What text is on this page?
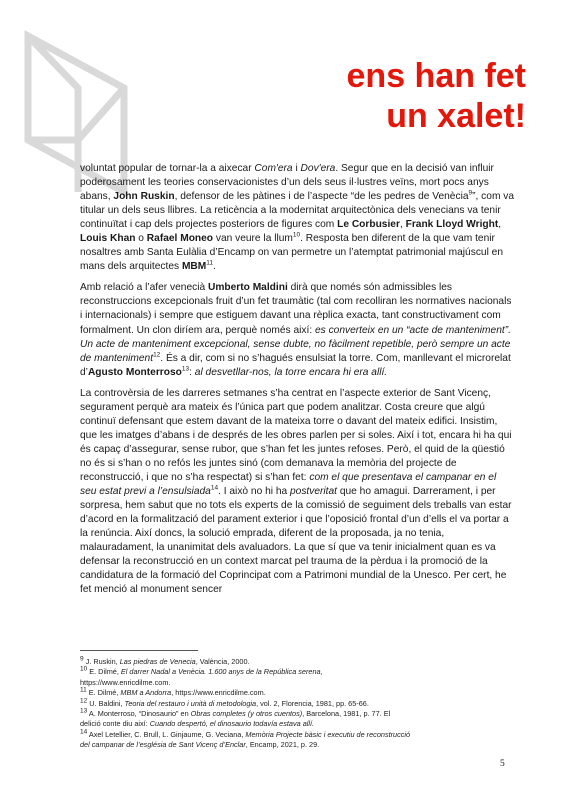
ens han fet
un xalet!

voluntat popular de tornar-la a aixecar Com'era i Dov'era. Segur que en la decisió van influir poderosament les teories conservacionistes d’un dels seus il·lustres veïns, mort pocs anys abans, John Ruskin, defensor de les pàtines i de l’aspecte “de les pedres de Venècia$^9$”, com va titular un dels seus llibres. La reticència a la modernitat arquitectònica dels venecians va tenir continuïtat i cap dels projectes posteriors de figures com Le Corbusier, Frank Lloyd Wright, Louis Khan o Rafael Moneo van veure la llum$^{10}$. Resposta ben diferent de la que vam tenir nosaltres amb Santa Eulàlia d’Encamp on van permetre un l’atemptat patrimonial majúscul en mans dels arquitectes MBM$^{11}$.

Amb relació a l’afer venecià Umberto Maldini dirà que només són admissibles les reconstruccions excepcionals fruit d’un fet traumàtic (tal com recolliran les normatives nacionals i internacionals) i sempre que estiguem davant una rèplica exacta, tant constructivament com formalment. Un clon diríem ara, perquè només així: es converteix en un “acte de manteniment”. Un acte de manteniment excepcional, sense dubte, no fàcilment repetible, però sempre un acte de manteniment$^{12}$. És a dir, com si no s’hagués ensulsiat la torre. Com, manllevant el microrelat d’Agusto Monterroso$^{13}$: al desvetllar-nos, la torre encara hi era allí.

La controvèrsia de les darreres setmanes s’ha centrat en l’aspecte exterior de Sant Vicenç, segurament perquè ara mateix és l’única part que podem analitzar. Costa creure que algú continuï defensant que estem davant de la mateixa torre o davant del mateix edifici. Insistim, que les imatges d’abans i de després de les obres parlen per si soles. Així i tot, encara hi ha qui és capaç d’assegurar, sense rubor, que s’han fet les juntes refoses. Però, el quid de la qüestió no és si s’han o no refós les juntes sinó (com demanava la memòria del projecte de reconstrucció, i que no s’ha respectat) si s’han fet: com el que presentava el campanar en el seu estat previ a l’ensulsiada$^{14}$. I això no hi ha postveritat que ho amagui. Darrerament, i per sorpresa, hem sabut que no tots els experts de la comissió de seguiment dels treballs van estar d’acord en la formalització del parament exterior i que l’oposició frontal d’un d’ells el va portar a la renúncia. Així doncs, la solució emprada, diferent de la proposada, ja no tenia, malauradament, la unanimitat dels avaluadors. La que sí que va tenir inicialment quan es va defensar la reconstrucció en un context marcat pel trauma de la pèrdua i la promoció de la candidatura de la formació del Coprincipat com a Patrimoni mundial de la Unesco. Per cert, he fet menció al monument sencer

$^9$ J. Ruskin, Las piedras de Venecia, València, 2000.
$^{10}$ E. Dilmé, El darrer Nadal a Venècia. 1.600 anys de la República serena,
https://www.enricdilme.com.
$^{11}$ E. Dilmé, MBM a Andorra, https://www.enricdilme.com.
$^{12}$ U. Baldini, Teoria del restauro i unità di metodologia, vol. 2, Florencia, 1981, pp. 65-66.
$^{13}$ A. Monterroso, “Dinosaurio” en Obras completes (y otros cuentos), Barcelona, 1981, p. 77. El
delició conte diu així: Cuando despertó, el dinosaurio todavía estava allí.
$^{14}$ Axel Letellier, C. Brull, L. Ginjaume, G. Veciana, Memòria Projecte bàsic i executiu de reconstrucció
del campanar de l’església de Sant Vicenç d’Enclar, Encamp, 2021, p. 29.
5
